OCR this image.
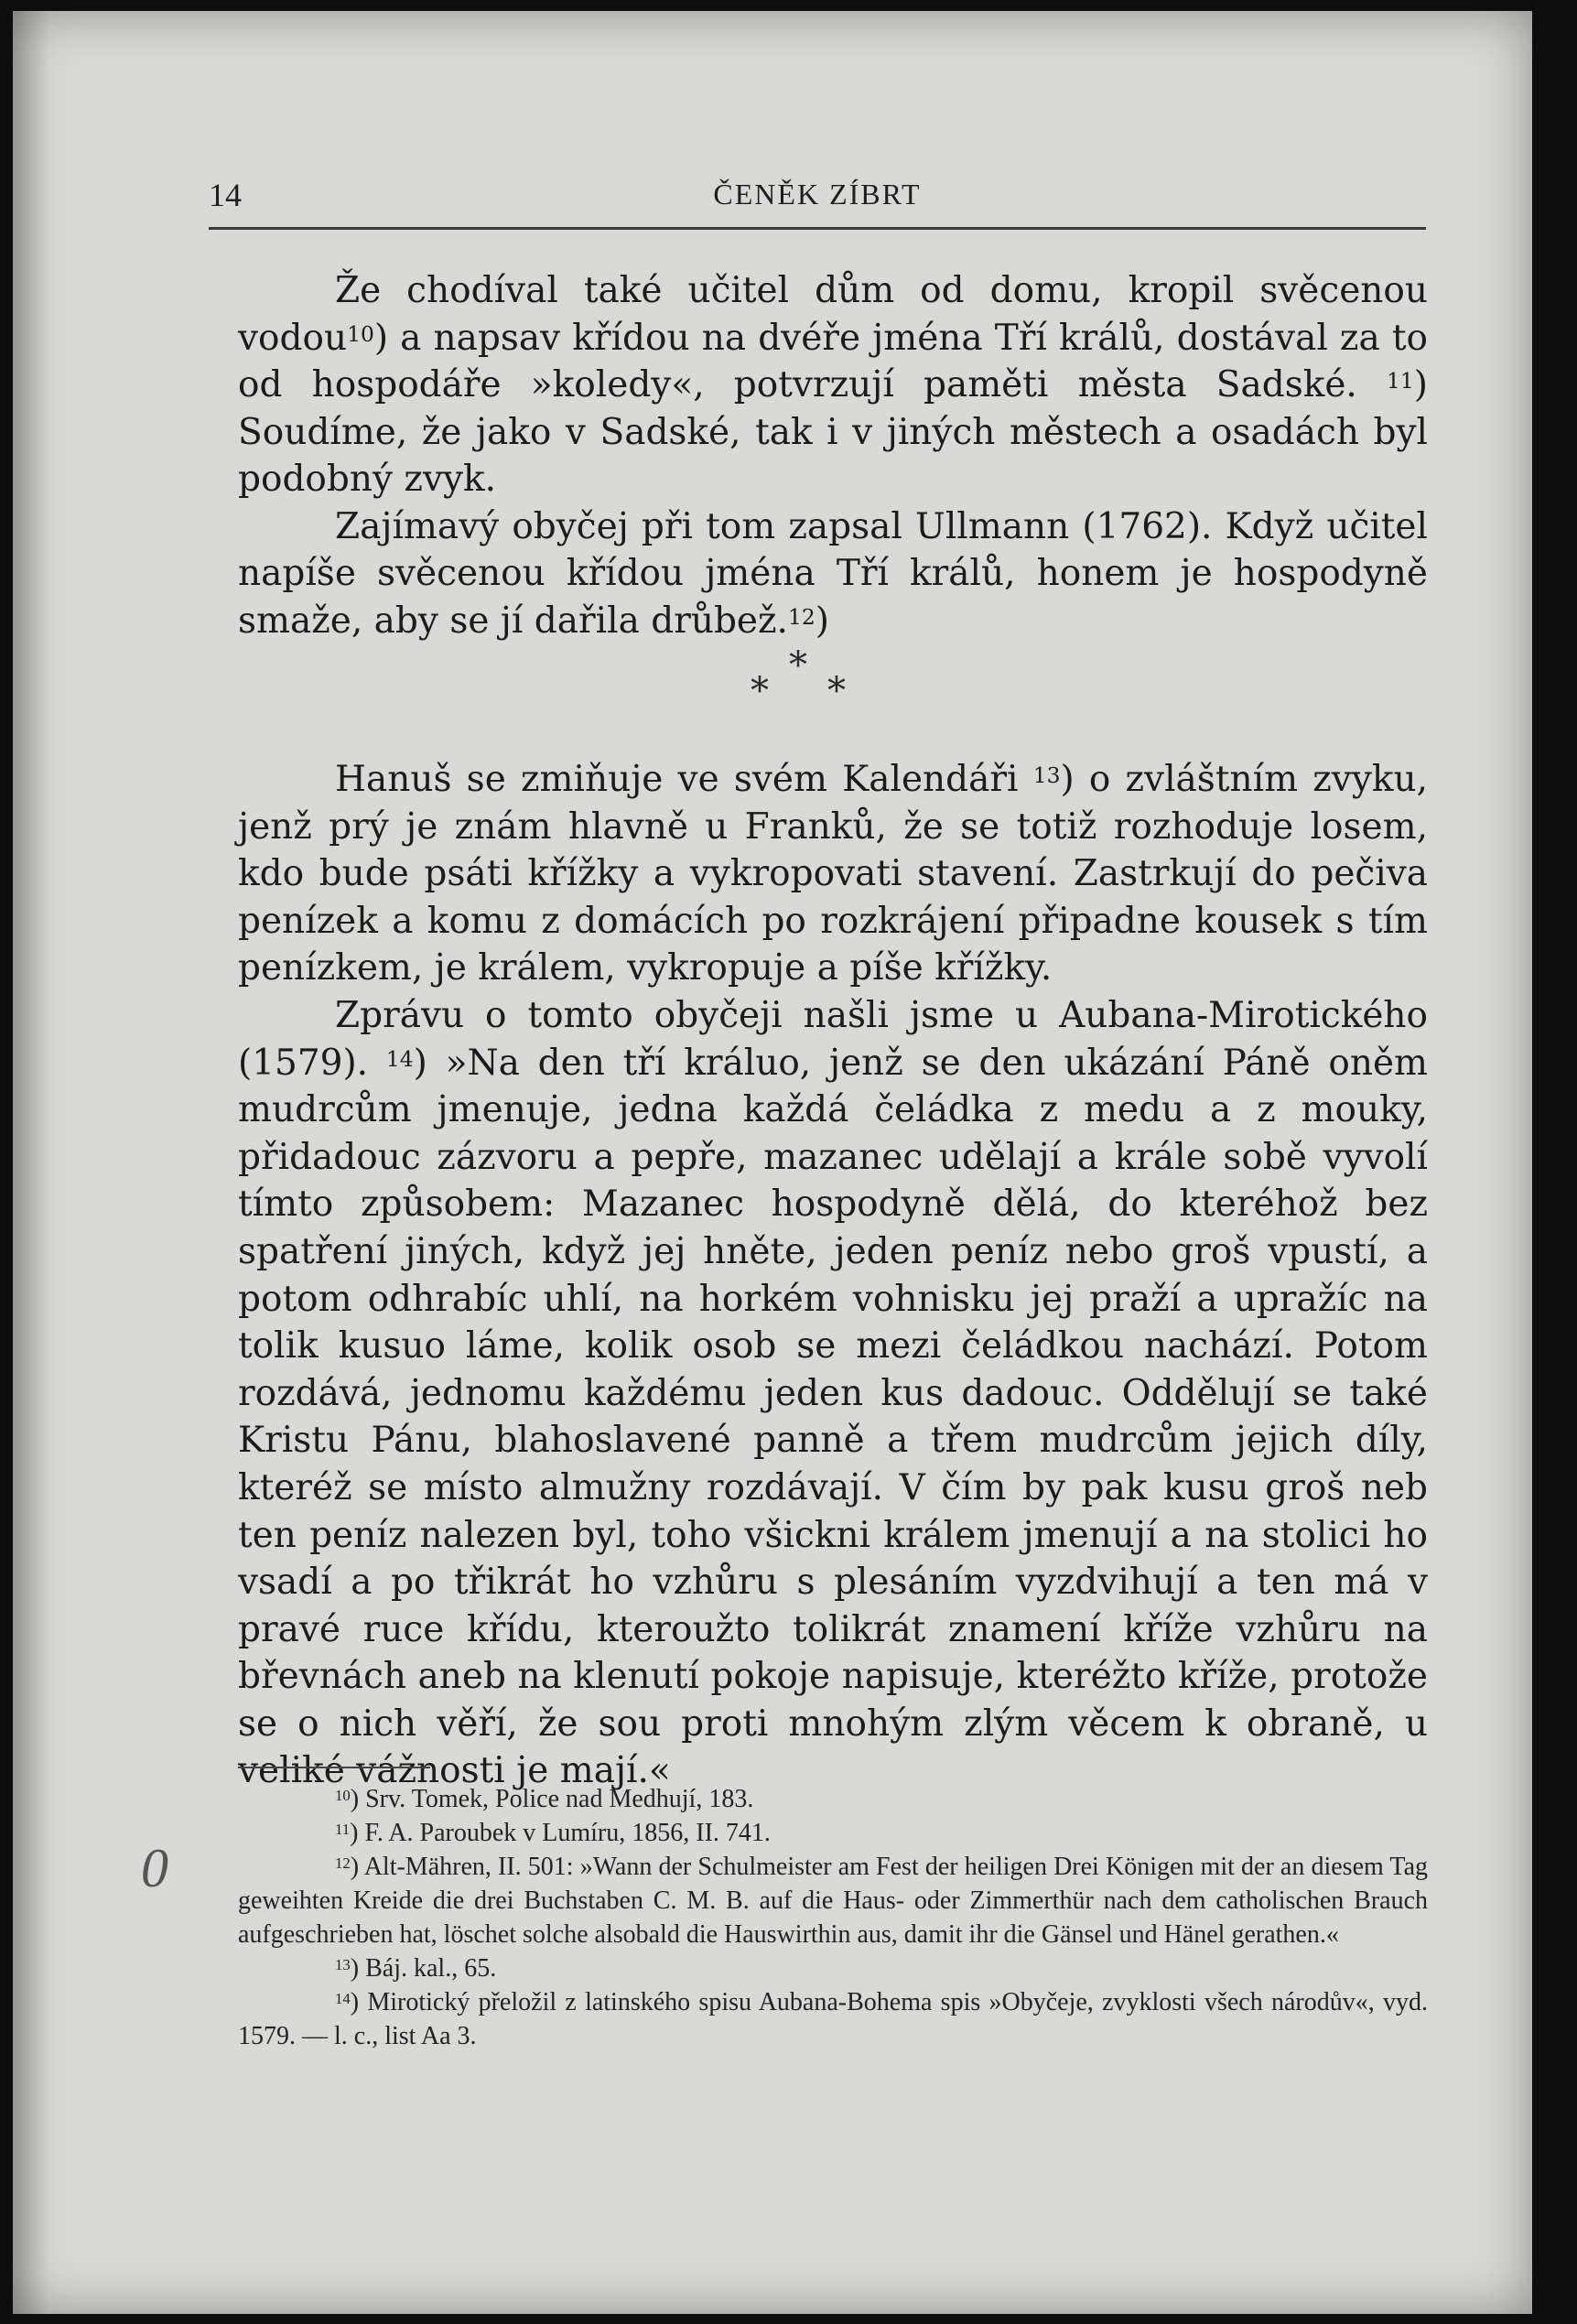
14	ČENĚK ZÍBRT

Že chodíval také učitel dům od domu, kropil svěcenou vodou$^{10}$) a napsav křídou na dvéře jména Tří králů, dostával za to od hospodáře »koledy«, potvrzují paměti města Sadské. $^{11}$) Soudíme, že jako v Sadské, tak i v jiných městech a osadách byl podobný zvyk.

Zajímavý obyčej při tom zapsal Ullmann (1762). Když učitel napíše svěcenou křídou jména Tří králů, honem je hospodyně smaže, aby se jí dařila drůbež.$^{12}$)

*
* *

Hanuš se zmiňuje ve svém Kalendáři $^{13}$) o zvláštním zvyku, jenž prý je znám hlavně u Franků, že se totiž rozhoduje losem, kdo bude psáti křížky a vykropovati stavení. Zastrkují do pečiva penízek a komu z domácích po rozkrájení připadne kousek s tím penízkem, je králem, vykropuje a píše křížky.

Zprávu o tomto obyčeji našli jsme u Aubana-Mirotického (1579). $^{14}$) »Na den tří králuo, jenž se den ukázání Páně oněm mudrcům jmenuje, jedna každá čeládka z medu a z mouky, přidadouc zázvoru a pepře, mazanec udělají a krále sobě vyvolí tímto způsobem: Mazanec hospodyně dělá, do kteréhož bez spatření jiných, když jej hněte, jeden peníz nebo groš vpustí, a potom odhrabíc uhlí, na horkém vohnisku jej praží a upražíc na tolik kusuo láme, kolik osob se mezi čeládkou nachází. Potom rozdává, jednomu každému jeden kus dadouc. Oddělují se také Kristu Pánu, blahoslavené panně a třem mudrcům jejich díly, kteréž se místo almužny rozdávají. V čím by pak kusu groš neb ten peníz nalezen byl, toho všickni králem jmenují a na stolici ho vsadí a po třikrát ho vzhůru s plesáním vyzdvihují a ten má v pravé ruce křídu, kteroužto tolikrát znamení kříže vzhůru na břevnách aneb na klenutí pokoje napisuje, kteréžto kříže, protože se o nich věří, že sou proti mnohým zlým věcem k obraně, u veliké vážnosti je mají.«

$^{10}$) Srv. Tomek, Police nad Medhují, 183.

$^{11}$) F. A. Paroubek v Lumíru, 1856, II. 741.

$^{12}$) Alt-Mähren, II. 501: »Wann der Schulmeister am Fest der heiligen Drei Königen mit der an diesem Tag geweihten Kreide die drei Buchstaben C. M. B. auf die Haus- oder Zimmerthür nach dem catholischen Brauch aufgeschrieben hat, löschet solche alsobald die Hauswirthin aus, damit ihr die Gänsel und Hänel gerathen.«

$^{13}$) Báj. kal., 65.

$^{14}$) Mirotický přeložil z latinského spisu Aubana-Bohema spis »Obyčeje, zvyklosti všech národův«, vyd. 1579. — l. c., list Aa 3.

0
